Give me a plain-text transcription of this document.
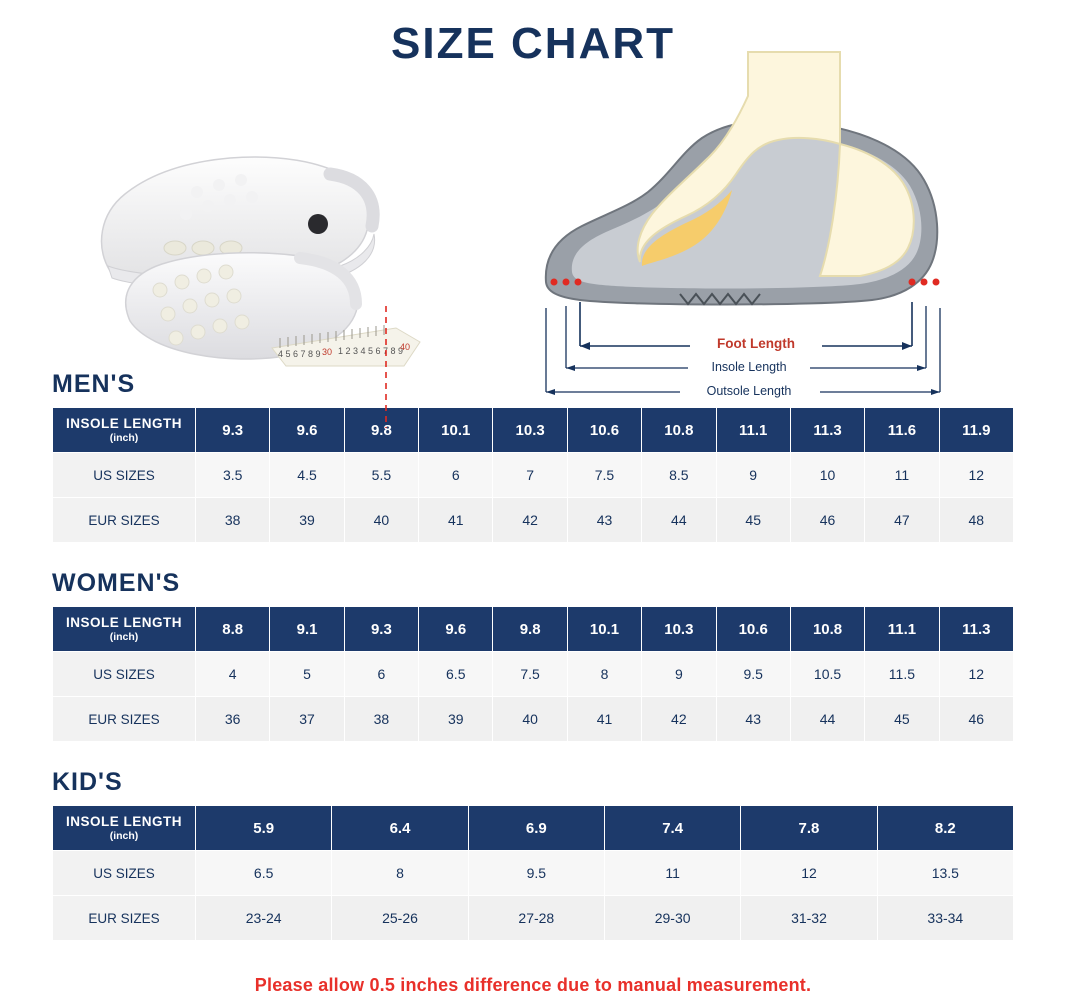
SIZE CHART
4 5 6 7 8 9 30 1 2 3 4 5 6 7 8 9
40	Foot Length
Insole Length
Outsole Length
MEN'S
INSOLE LENGTH
(inch)	9.3	9.6	9.8	10.1	10.3	10.6	10.8	11.1	11.3	11.6	11.9
US SIZES	3.5	4.5	5.5	6	7	7.5	8.5	9	10	11	12
EUR SIZES	38	39	40	41	42	43	44	45	46	47	48
WOMEN'S
INSOLE LENGTH
(inch)	8.8	9.1	9.3	9.6	9.8	10.1	10.3	10.6	10.8	11.1	11.3
US SIZES	4	5	6	6.5	7.5	8	9	9.5	10.5	11.5	12
EUR SIZES	36	37	38	39	40	41	42	43	44	45	46
KID'S
INSOLE LENGTH
(inch)	5.9	6.4	6.9	7.4	7.8	8.2
US SIZES	6.5	8	9.5	11	12	13.5
EUR SIZES	23-24	25-26	27-28	29-30	31-32	33-34
Please allow 0.5 inches difference due to manual measurement.
